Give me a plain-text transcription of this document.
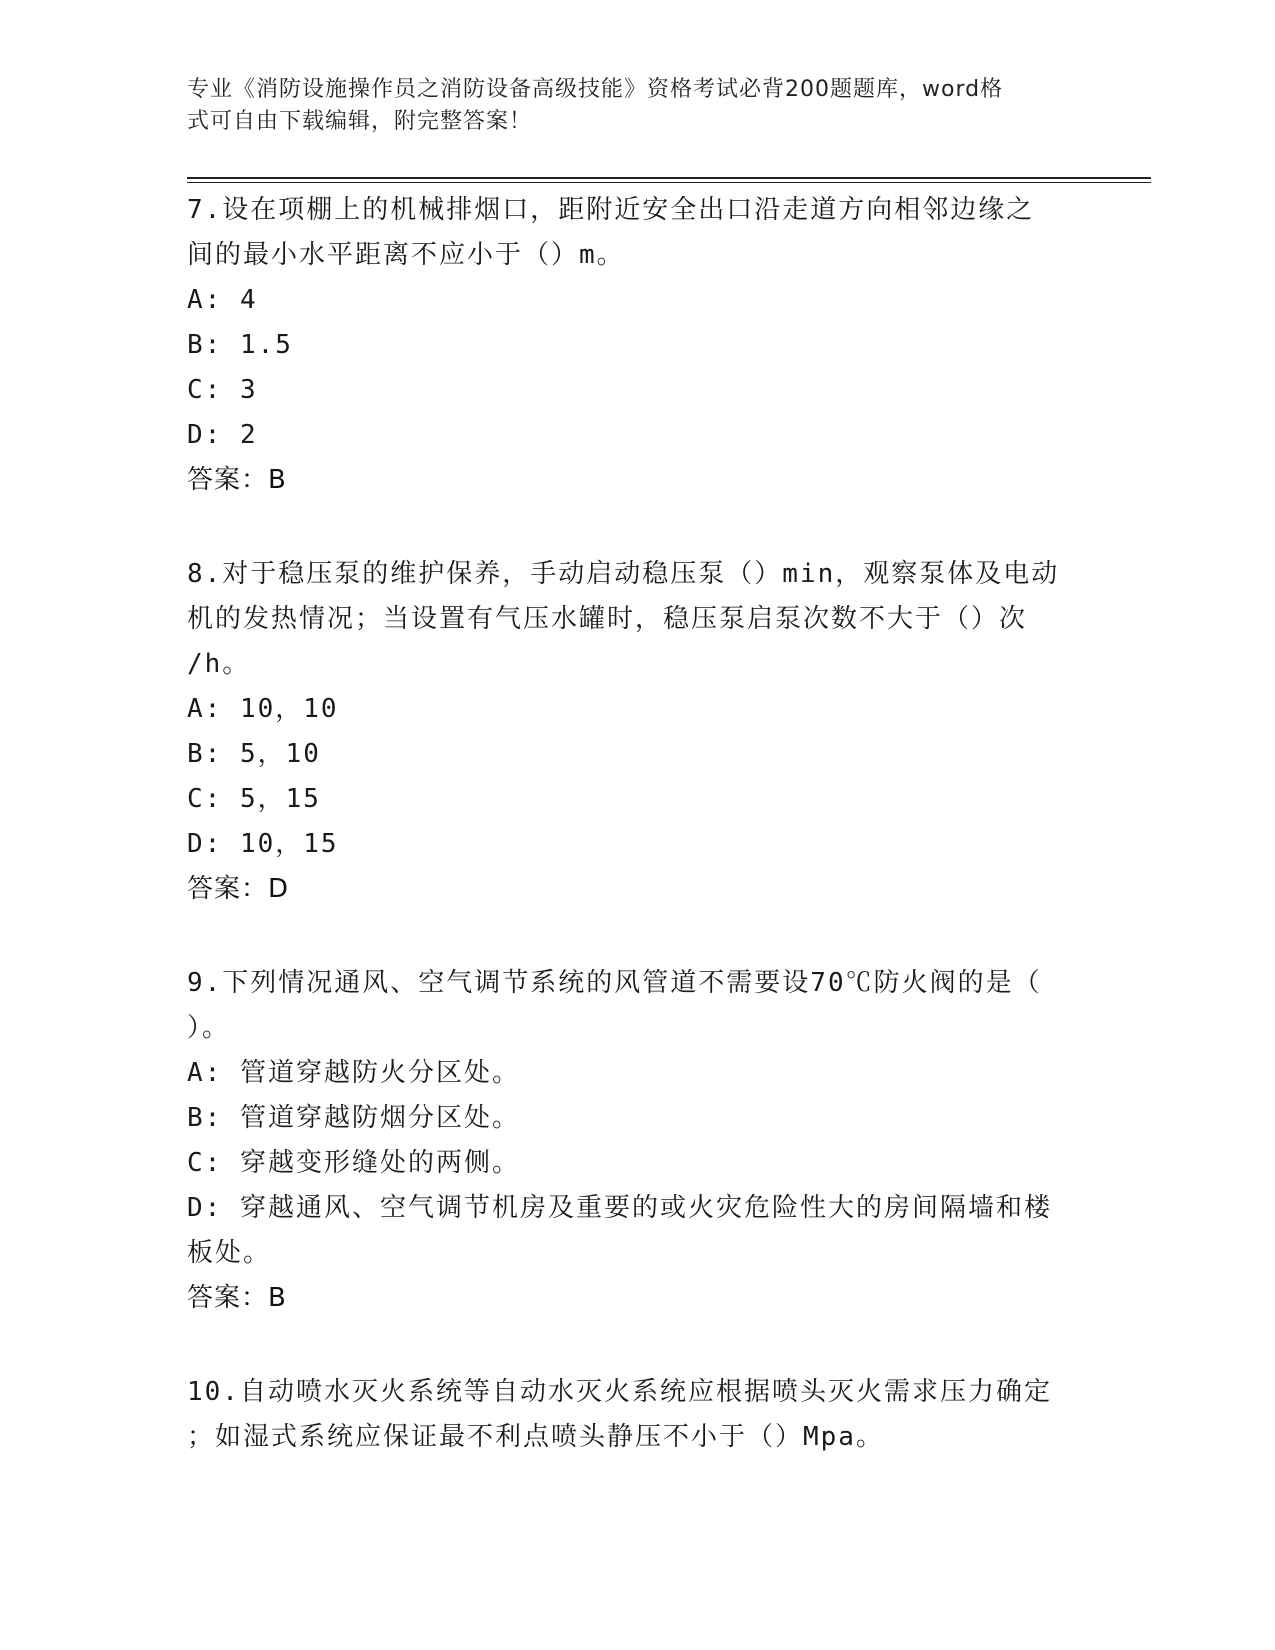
专业《消防设施操作员之消防设备高级技能》资格考试必背200题题库，word格
式可自由下载编辑，附完整答案！

7.设在项棚上的机械排烟口，距附近安全出口沿走道方向相邻边缘之

间的最小水平距离不应小于（）m。

A: 4

B: 1.5

C: 3

D: 2

答案：B

8.对于稳压泵的维护保养，手动启动稳压泵（）min，观察泵体及电动

机的发热情况；当设置有气压水罐时，稳压泵启泵次数不大于（）次

/h。

A: 10，10

B: 5，10

C: 5，15

D: 10，15

答案：D

9.下列情况通风、空气调节系统的风管道不需要设70℃防火阀的是（

）。

A: 管道穿越防火分区处。

B: 管道穿越防烟分区处。

C: 穿越变形缝处的两侧。

D: 穿越通风、空气调节机房及重要的或火灾危险性大的房间隔墙和楼

板处。

答案：B

10.自动喷水灭火系统等自动水灭火系统应根据喷头灭火需求压力确定

；如湿式系统应保证最不利点喷头静压不小于（）Mpa。
